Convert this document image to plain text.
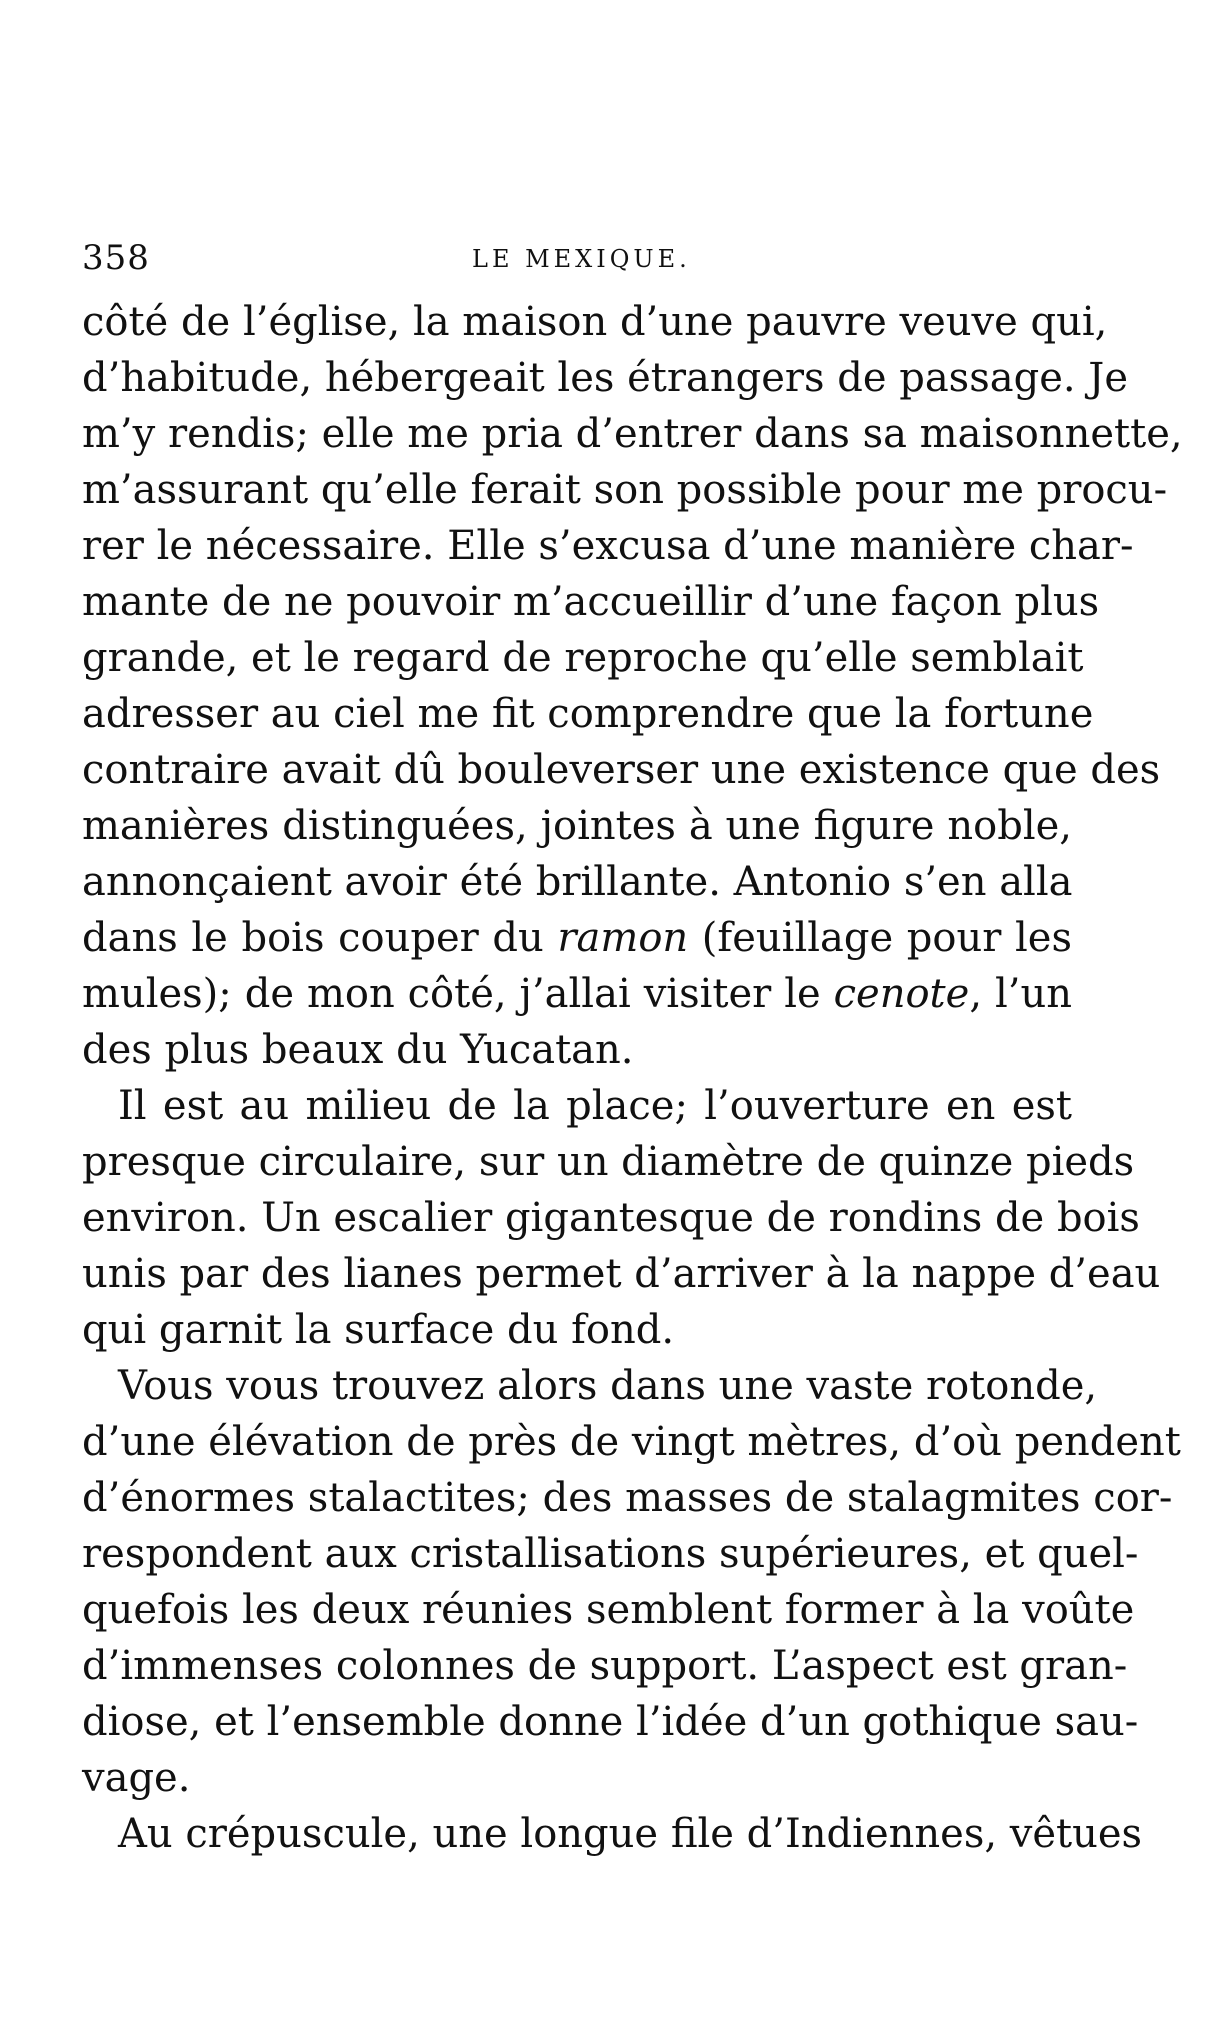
358	LE MEXIQUE.
côté de l’église, la maison d’une pauvre veuve qui,
d’habitude, hébergeait les étrangers de passage. Je
m’y rendis; elle me pria d’entrer dans sa maisonnette,
m’assurant qu’elle ferait son possible pour me procu-
rer le nécessaire. Elle s’excusa d’une manière char-
mante de ne pouvoir m’accueillir d’une façon plus
grande, et le regard de reproche qu’elle semblait
adresser au ciel me fit comprendre que la fortune
contraire avait dû bouleverser une existence que des
manières distinguées, jointes à une figure noble,
annonçaient avoir été brillante. Antonio s’en alla
dans le bois couper du ramon (feuillage pour les
mules); de mon côté, j’allai visiter le cenote, l’un
des plus beaux du Yucatan.
Il est au milieu de la place; l’ouverture en est
presque circulaire, sur un diamètre de quinze pieds
environ. Un escalier gigantesque de rondins de bois
unis par des lianes permet d’arriver à la nappe d’eau
qui garnit la surface du fond.
Vous vous trouvez alors dans une vaste rotonde,
d’une élévation de près de vingt mètres, d’où pendent
d’énormes stalactites; des masses de stalagmites cor-
respondent aux cristallisations supérieures, et quel-
quefois les deux réunies semblent former à la voûte
d’immenses colonnes de support. L’aspect est gran-
diose, et l’ensemble donne l’idée d’un gothique sau-
vage.
Au crépuscule, une longue file d’Indiennes, vêtues
